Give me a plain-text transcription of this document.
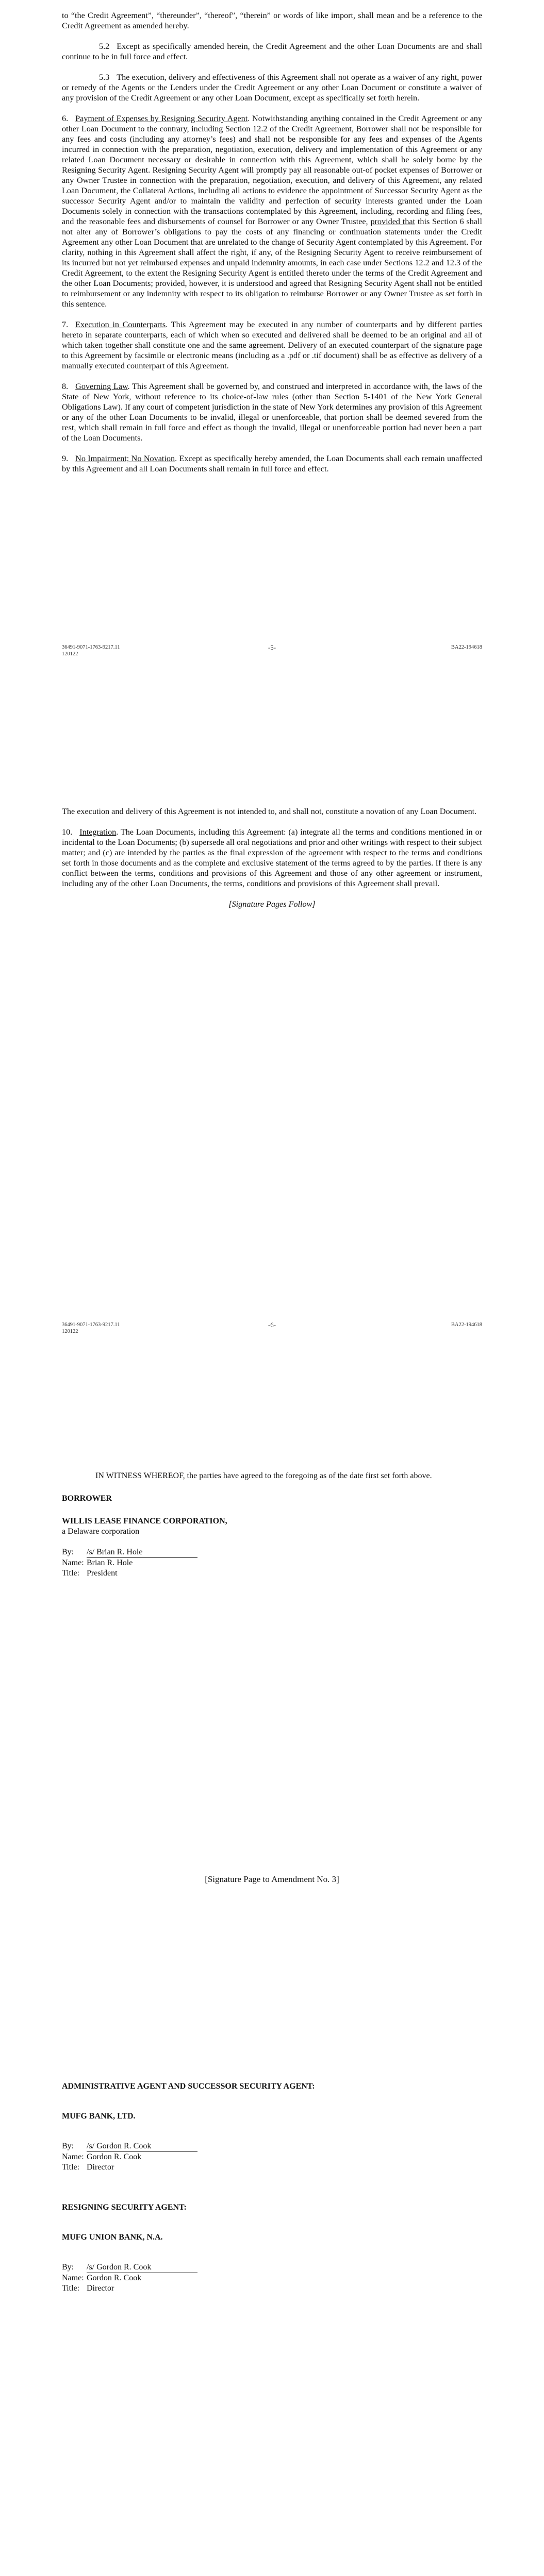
to “the Credit Agreement”, “thereunder”, “thereof”, “therein” or words of like import, shall mean and be a reference to the Credit Agreement as amended hereby.

5.2 Except as specifically amended herein, the Credit Agreement and the other Loan Documents are and shall continue to be in full force and effect.

5.3 The execution, delivery and effectiveness of this Agreement shall not operate as a waiver of any right, power or remedy of the Agents or the Lenders under the Credit Agreement or any other Loan Document or constitute a waiver of any provision of the Credit Agreement or any other Loan Document, except as specifically set forth herein.

6. Payment of Expenses by Resigning Security Agent. Notwithstanding anything contained in the Credit Agreement or any other Loan Document to the contrary, including Section 12.2 of the Credit Agreement, Borrower shall not be responsible for any fees and costs (including any attorney’s fees) and shall not be responsible for any fees and expenses of the Agents incurred in connection with the preparation, negotiation, execution, delivery and implementation of this Agreement or any related Loan Document necessary or desirable in connection with this Agreement, which shall be solely borne by the Resigning Security Agent. Resigning Security Agent will promptly pay all reasonable out-of pocket expenses of Borrower or any Owner Trustee in connection with the preparation, negotiation, execution, and delivery of this Agreement, any related Loan Document, the Collateral Actions, including all actions to evidence the appointment of Successor Security Agent as the successor Security Agent and/or to maintain the validity and perfection of security interests granted under the Loan Documents solely in connection with the transactions contemplated by this Agreement, including, recording and filing fees, and the reasonable fees and disbursements of counsel for Borrower or any Owner Trustee, provided that this Section 6 shall not alter any of Borrower’s obligations to pay the costs of any financing or continuation statements under the Credit Agreement any other Loan Document that are unrelated to the change of Security Agent contemplated by this Agreement. For clarity, nothing in this Agreement shall affect the right, if any, of the Resigning Security Agent to receive reimbursement of its incurred but not yet reimbursed expenses and unpaid indemnity amounts, in each case under Sections 12.2 and 12.3 of the Credit Agreement, to the extent the Resigning Security Agent is entitled thereto under the terms of the Credit Agreement and the other Loan Documents; provided, however, it is understood and agreed that Resigning Security Agent shall not be entitled to reimbursement or any indemnity with respect to its obligation to reimburse Borrower or any Owner Trustee as set forth in this sentence.

7. Execution in Counterparts. This Agreement may be executed in any number of counterparts and by different parties hereto in separate counterparts, each of which when so executed and delivered shall be deemed to be an original and all of which taken together shall constitute one and the same agreement. Delivery of an executed counterpart of the signature page to this Agreement by facsimile or electronic means (including as a .pdf or .tif document) shall be as effective as delivery of a manually executed counterpart of this Agreement.

8. Governing Law. This Agreement shall be governed by, and construed and interpreted in accordance with, the laws of the State of New York, without reference to its choice-of-law rules (other than Section 5-1401 of the New York General Obligations Law). If any court of competent jurisdiction in the state of New York determines any provision of this Agreement or any of the other Loan Documents to be invalid, illegal or unenforceable, that portion shall be deemed severed from the rest, which shall remain in full force and effect as though the invalid, illegal or unenforceable portion had never been a part of the Loan Documents.

9. No Impairment; No Novation. Except as specifically hereby amended, the Loan Documents shall each remain unaffected by this Agreement and all Loan Documents shall remain in full force and effect.

36491-9071-1763-9217.11
120122
-5-	BA22-194618

The execution and delivery of this Agreement is not intended to, and shall not, constitute a novation of any Loan Document.

10. Integration. The Loan Documents, including this Agreement: (a) integrate all the terms and conditions mentioned in or incidental to the Loan Documents; (b) supersede all oral negotiations and prior and other writings with respect to their subject matter; and (c) are intended by the parties as the final expression of the agreement with respect to the terms and conditions set forth in those documents and as the complete and exclusive statement of the terms agreed to by the parties. If there is any conflict between the terms, conditions and provisions of this Agreement and those of any other agreement or instrument, including any of the other Loan Documents, the terms, conditions and provisions of this Agreement shall prevail.

[Signature Pages Follow]

36491-9071-1763-9217.11
120122
-6-	BA22-194618

IN WITNESS WHEREOF, the parties have agreed to the foregoing as of the date first set forth above.

BORROWER
WILLIS LEASE FINANCE CORPORATION,
a Delaware corporation
By: /s/ Brian R. Hole
Name: Brian R. Hole
Title: President
[Signature Page to Amendment No. 3]
ADMINISTRATIVE AGENT AND SUCCESSOR SECURITY AGENT:
MUFG BANK, LTD.
By: /s/ Gordon R. Cook
Name: Gordon R. Cook
Title: Director
RESIGNING SECURITY AGENT:
MUFG UNION BANK, N.A.
By: /s/ Gordon R. Cook
Name: Gordon R. Cook
Title: Director
